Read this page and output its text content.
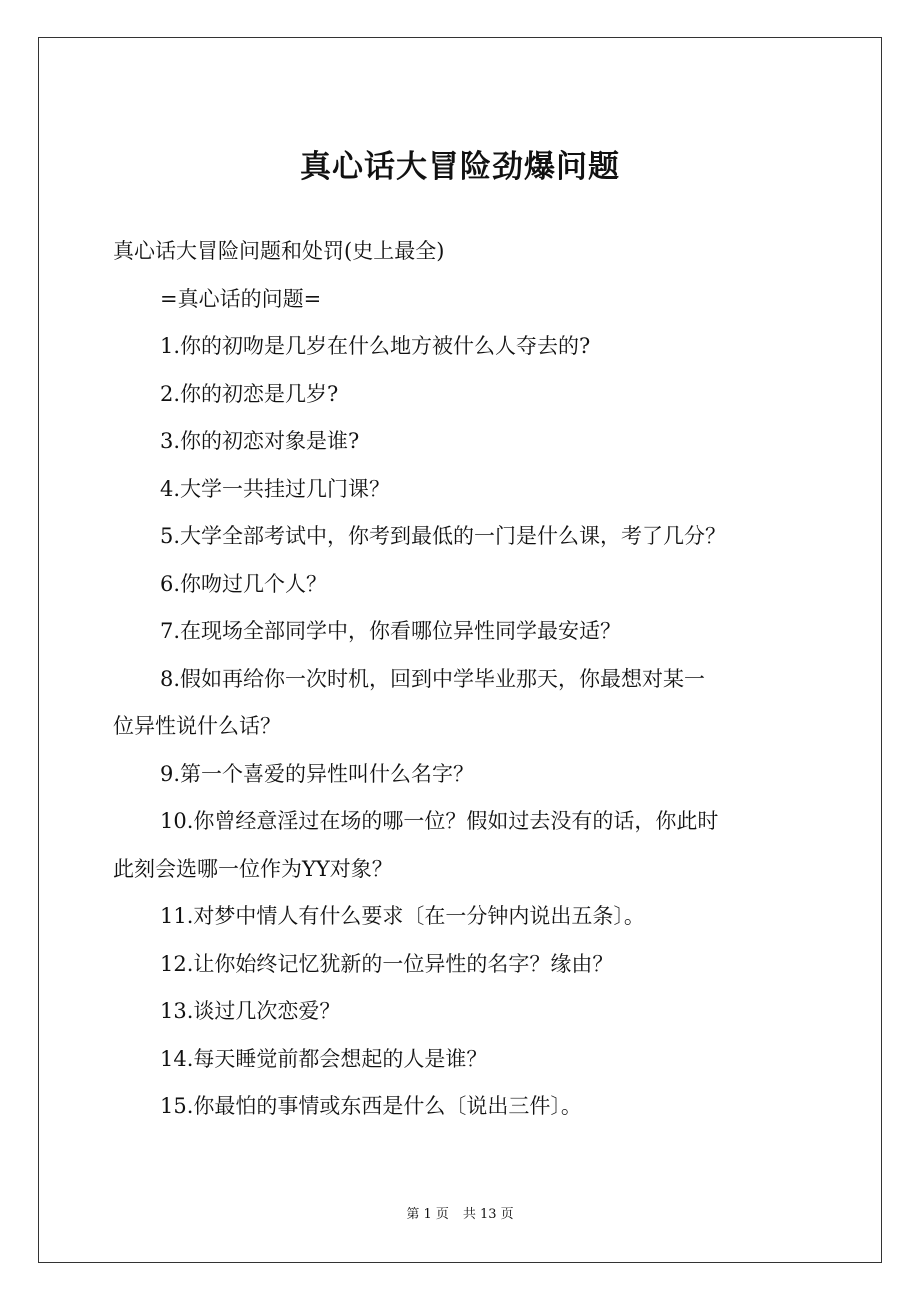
真心话大冒险劲爆问题
真心话大冒险问题和处罚(史上最全)
=真心话的问题=
1.你的初吻是几岁在什么地方被什么人夺去的?
2.你的初恋是几岁?
3.你的初恋对象是谁?
4.大学一共挂过几门课？
5.大学全部考试中，你考到最低的一门是什么课，考了几分？
6.你吻过几个人？
7.在现场全部同学中，你看哪位异性同学最安适？
8.假如再给你一次时机，回到中学毕业那天，你最想对某一
位异性说什么话？
9.第一个喜爱的异性叫什么名字？
10.你曾经意淫过在场的哪一位？假如过去没有的话，你此时
此刻会选哪一位作为YY对象？
11.对梦中情人有什么要求〔在一分钟内说出五条〕。
12.让你始终记忆犹新的一位异性的名字？缘由？
13.谈过几次恋爱？
14.每天睡觉前都会想起的人是谁？
15.你最怕的事情或东西是什么〔说出三件〕。
第 1 页 共 13 页
